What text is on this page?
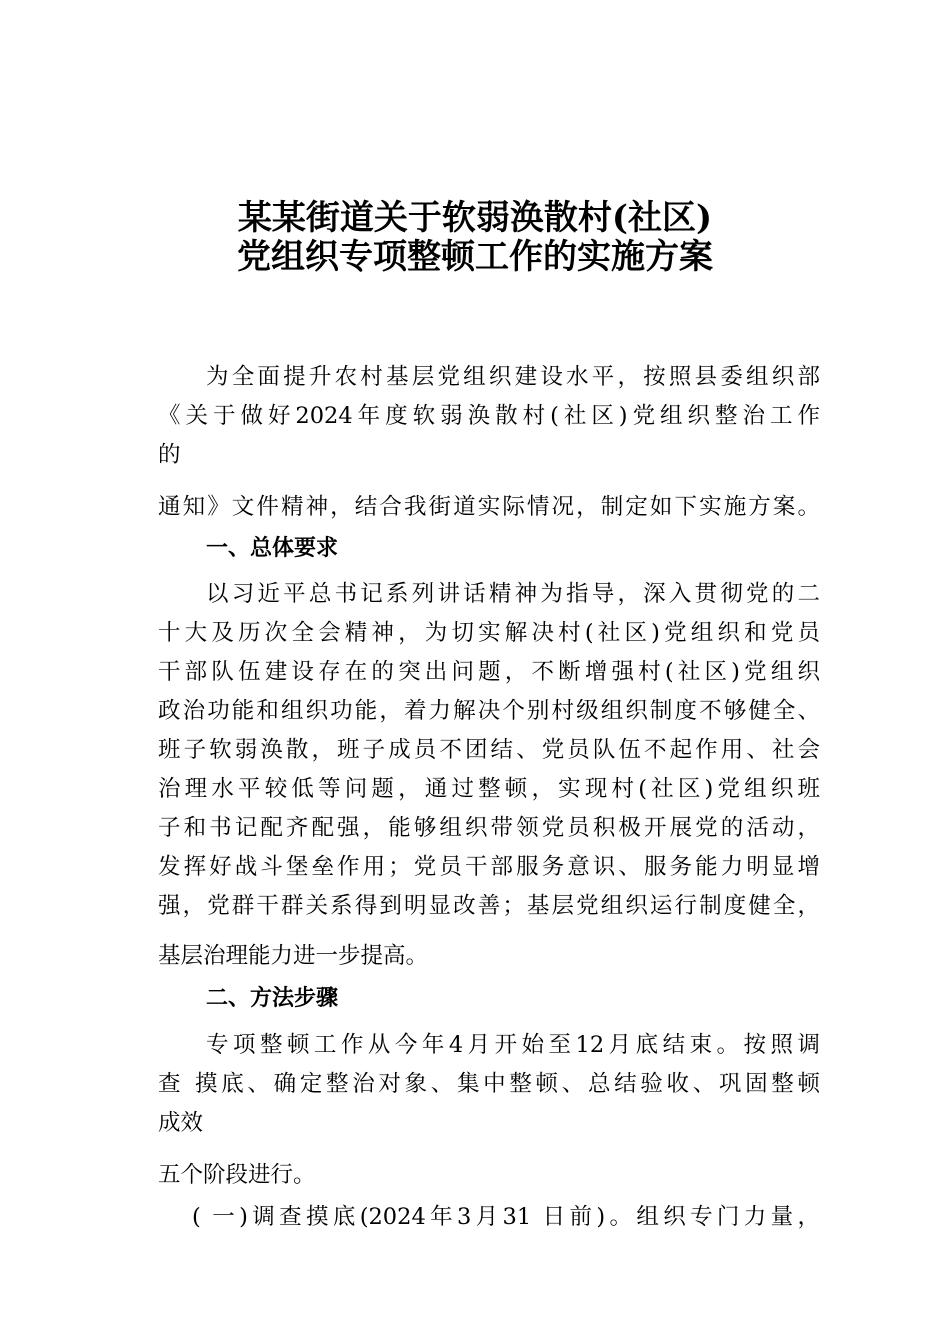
某某街道关于软弱涣散村(社区)
党组织专项整顿工作的实施方案
为全面提升农村基层党组织建设水平，按照县委组织部
《关于做好2024年度软弱涣散村(社区)党组织整治工作
的
通知》文件精神，结合我街道实际情况，制定如下实施方案。
一、总体要求
以习近平总书记系列讲话精神为指导，深入贯彻党的二
十大及历次全会精神，为切实解决村(社区)党组织和党员
干部队伍建设存在的突出问题，不断增强村(社区)党组织
政治功能和组织功能，着力解决个别村级组织制度不够健全、
班子软弱涣散，班子成员不团结、党员队伍不起作用、社会
治理水平较低等问题，通过整顿，实现村(社区)党组织班
子和书记配齐配强，能够组织带领党员积极开展党的活动，
发挥好战斗堡垒作用；党员干部服务意识、服务能力明显增
强，党群干群关系得到明显改善；基层党组织运行制度健全，
基层治理能力进一步提高。
二、方法步骤
专项整顿工作从今年4月开始至12月底结束。按照调
查 摸底、确定整治对象、集中整顿、总结验收、巩固整顿
成效
五个阶段进行。
( 一)调查摸底(2024年3月31 日前)。组织专门力量，
